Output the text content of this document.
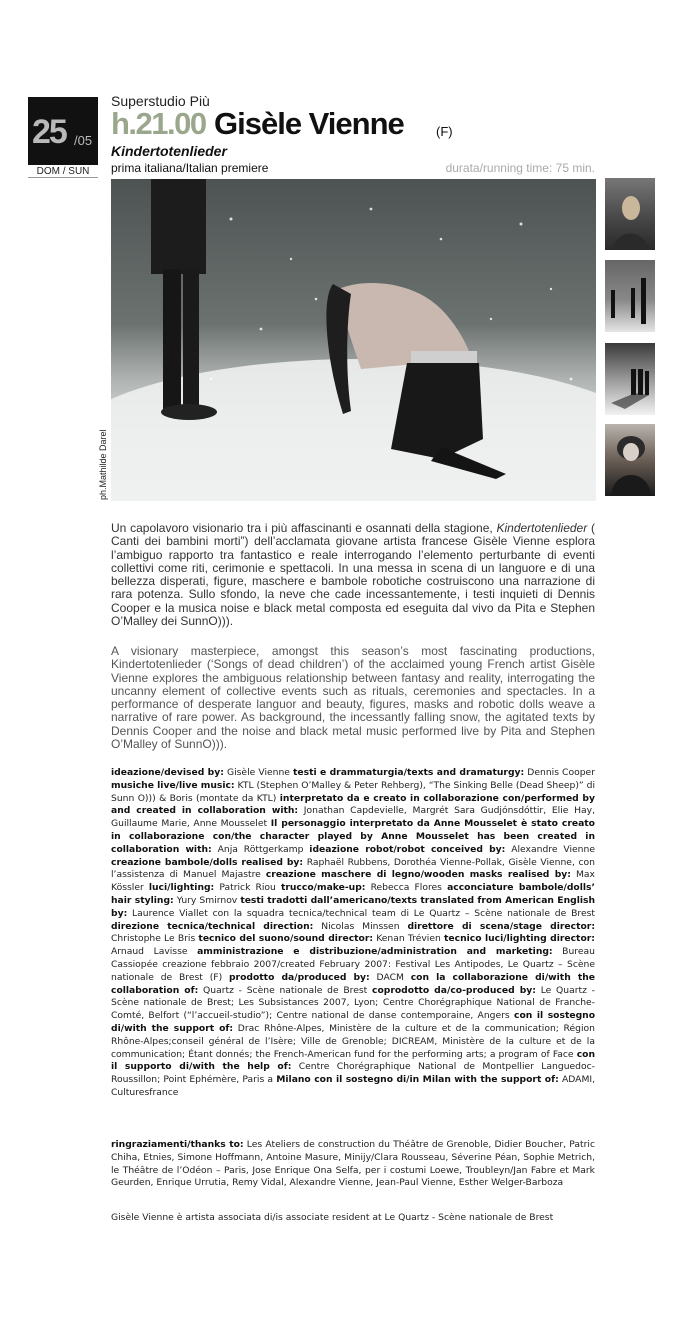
25 /05
DOM / SUN
Superstudio Più
h.21.00 Gisèle Vienne (F)
Kindertotenlieder
prima italiana/Italian premiere	durata/running time: 75 min.
ph.Mathilde Darel
Un capolavoro visionario tra i più affascinanti e osannati della stagione, Kindertotenlieder ( Canti dei bambini morti”) dell’acclamata giovane artista francese Gisèle Vienne esplora l’ambiguo rapporto tra fantastico e reale interrogando l’elemento perturbante di eventi collettivi come riti, cerimonie e spettacoli. In una messa in scena di un languore e di una bellezza disperati, figure, maschere e bambole robotiche costruiscono una narrazione di rara potenza. Sullo sfondo, la neve che cade incessantemente, i testi inquieti di Dennis Cooper e la musica noise e black metal composta ed eseguita dal vivo da Pita e Stephen O’Malley dei SunnO))).
A visionary masterpiece, amongst this season’s most fascinating productions, Kindertotenlieder (‘Songs of dead children’) of the acclaimed young French artist Gisèle Vienne explores the ambiguous relationship between fantasy and reality, interrogating the uncanny element of collective events such as rituals, ceremonies and spectacles. In a performance of desperate languor and beauty, figures, masks and robotic dolls weave a narrative of rare power. As background, the incessantly falling snow, the agitated texts by Dennis Cooper and the noise and black metal music performed live by Pita and Stephen O’Malley of SunnO))).
ideazione/devised by: Gisèle Vienne testi e drammaturgia/texts and dramaturgy: Dennis Cooper musiche live/live music: KTL (Stephen O’Malley & Peter Rehberg), “The Sinking Belle (Dead Sheep)” di Sunn O))) & Boris (montate da KTL) interpretato da e creato in collaborazione con/performed by and created in collaboration with: Jonathan Capdevielle, Margrét Sara Gudjónsdóttir, Elie Hay, Guillaume Marie, Anne Mousselet Il personaggio interpretato da Anne Mousselet è stato creato in collaborazione con/the character played by Anne Mousselet has been created in collaboration with: Anja Röttgerkamp ideazione robot/robot conceived by: Alexandre Vienne creazione bambole/dolls realised by: Raphaël Rubbens, Dorothéa Vienne-Pollak, Gisèle Vienne, con l’assistenza di Manuel Majastre creazione maschere di legno/wooden masks realised by: Max Kössler luci/lighting: Patrick Riou trucco/make-up: Rebecca Flores acconciature bambole/dolls’ hair styling: Yury Smirnov testi tradotti dall’americano/texts translated from American English by: Laurence Viallet con la squadra tecnica/technical team di Le Quartz – Scène nationale de Brest direzione tecnica/technical direction: Nicolas Minssen direttore di scena/stage director: Christophe Le Bris tecnico del suono/sound director: Kenan Trévien tecnico luci/lighting director: Arnaud Lavisse amministrazione e distribuzione/administration and marketing: Bureau Cassiopée creazione febbraio 2007/created February 2007: Festival Les Antipodes, Le Quartz – Scène nationale de Brest (F) prodotto da/produced by: DACM con la collaborazione di/with the collaboration of: Quartz - Scène nationale de Brest coprodotto da/co-produced by: Le Quartz - Scène nationale de Brest; Les Subsistances 2007, Lyon; Centre Chorégraphique National de Franche-Comté, Belfort (“l’accueil-studio”); Centre national de danse contemporaine, Angers con il sostegno di/with the support of: Drac Rhône-Alpes, Ministère de la culture et de la communication; Région Rhône-Alpes;conseil général de l’Isère; Ville de Grenoble; DICREAM, Ministère de la culture et de la communication; Étant donnés; the French-American fund for the performing arts; a program of Face con il supporto di/with the help of: Centre Chorégraphique National de Montpellier Languedoc-Roussillon; Point Ephémère, Paris a Milano con il sostegno di/in Milan with the support of: ADAMI, Culturesfrance
ringraziamenti/thanks to: Les Ateliers de construction du Théâtre de Grenoble, Didier Boucher, Patric Chiha, Etnies, Simone Hoffmann, Antoine Masure, Minijy/Clara Rousseau, Séverine Péan, Sophie Metrich, le Théâtre de l’Odéon – Paris, Jose Enrique Ona Selfa, per i costumi Loewe, Troubleyn/Jan Fabre et Mark Geurden, Enrique Urrutia, Remy Vidal, Alexandre Vienne, Jean-Paul Vienne, Esther Welger-Barboza
Gisèle Vienne è artista associata di/is associate resident at Le Quartz - Scène nationale de Brest
